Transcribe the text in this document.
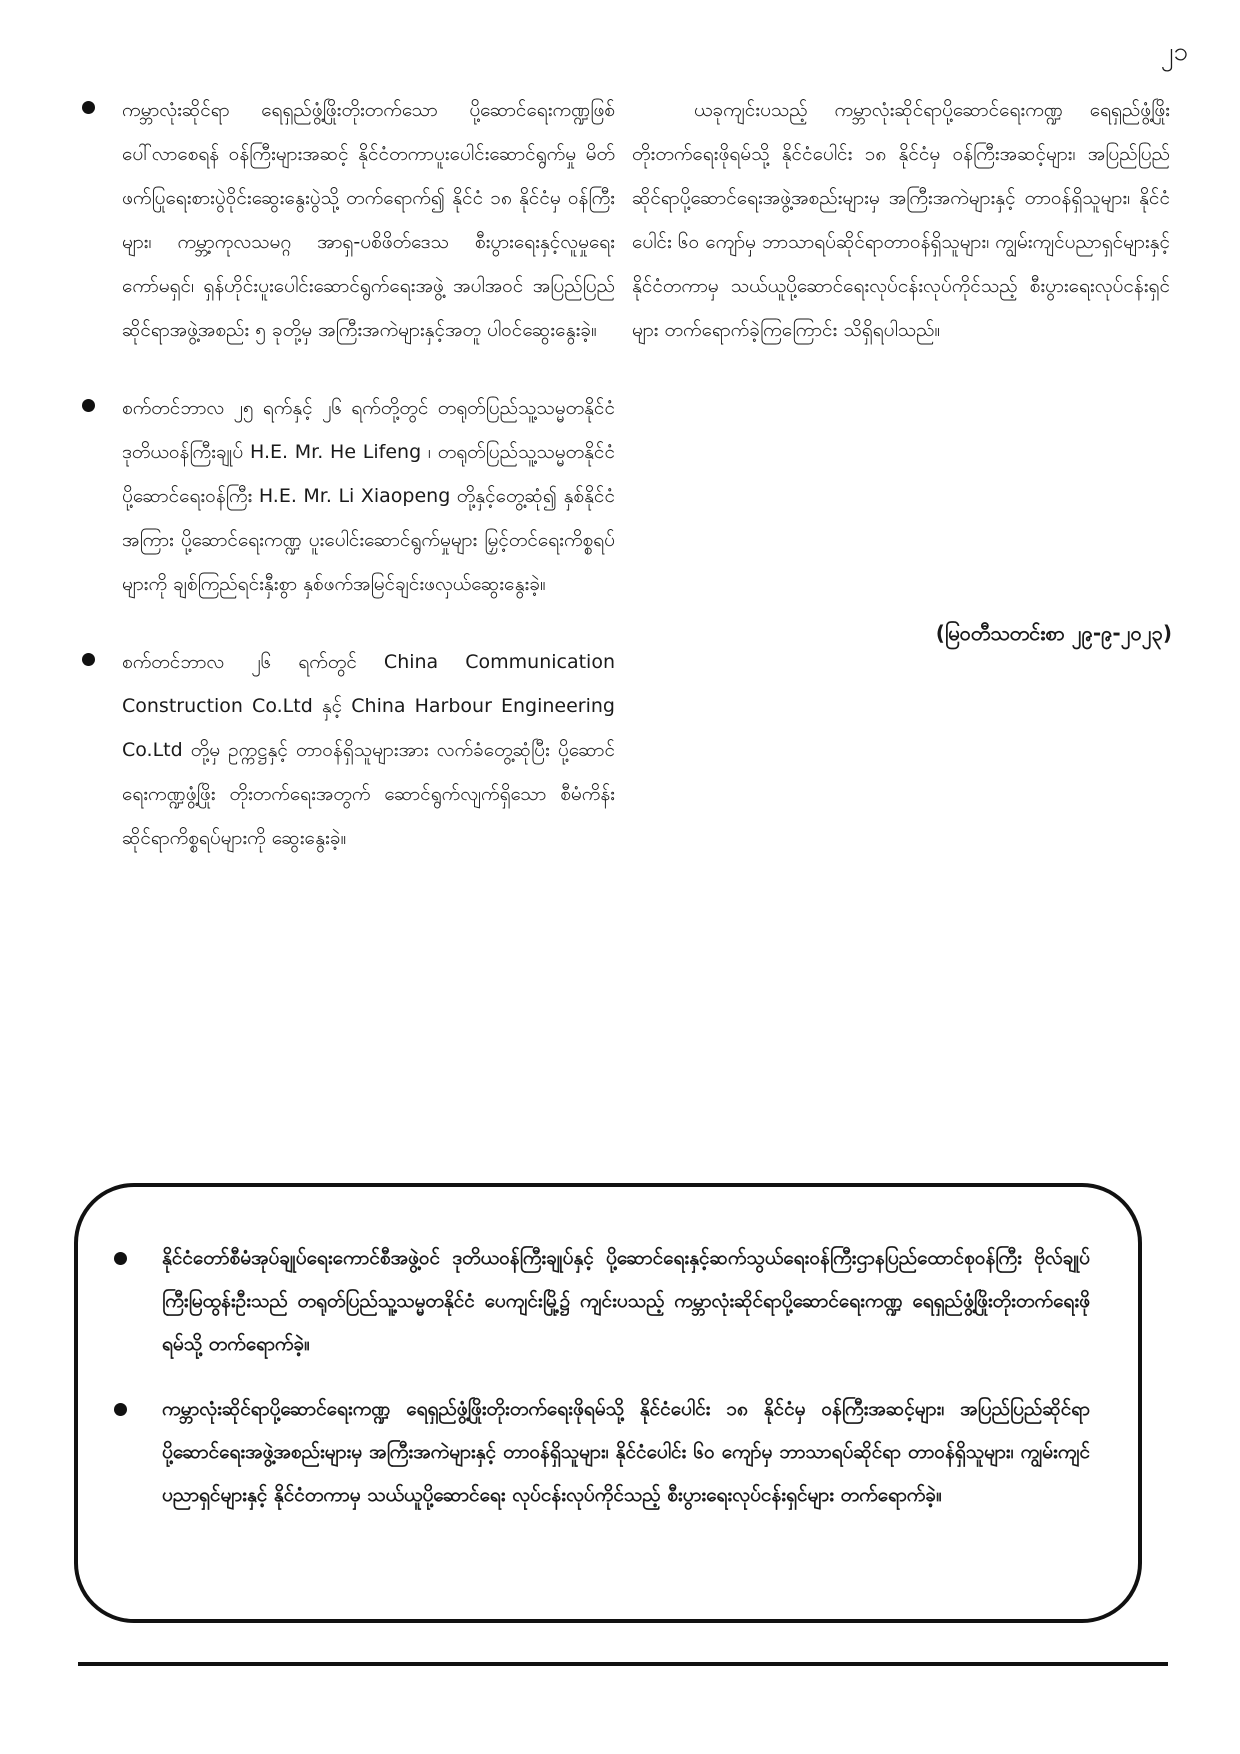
၂၁
ကမ္ဘာလုံးဆိုင်ရာ ရေရှည်ဖွံ့ဖြိုးတိုးတက်သော ပို့ဆောင်ရေးကဏ္ဍဖြစ်ပေါ်လာစေရန် ဝန်ကြီးများအဆင့် နိုင်ငံတကာပူးပေါင်းဆောင်ရွက်မှု မိတ်ဖက်ပြုရေးစားပွဲဝိုင်းဆွေးနွေးပွဲသို့ တက်ရောက်၍ နိုင်ငံ ၁၈ နိုင်ငံမှ ဝန်ကြီးများ၊ ကမ္ဘာ့ကုလသမဂ္ဂ အာရှ-ပစိဖိတ်ဒေသ စီးပွားရေးနှင့်လူမှုရေးကော်မရှင်၊ ရှန်ဟိုင်းပူးပေါင်းဆောင်ရွက်ရေးအဖွဲ့ အပါအဝင် အပြည်ပြည်ဆိုင်ရာအဖွဲ့အစည်း ၅ ခုတို့မှ အကြီးအကဲများနှင့်အတူ ပါဝင်ဆွေးနွေးခဲ့။
စက်တင်ဘာလ ၂၅ ရက်နှင့် ၂၆ ရက်တို့တွင် တရုတ်ပြည်သူ့သမ္မတနိုင်ငံ ဒုတိယဝန်ကြီးချုပ် H.E. Mr. He Lifeng ၊ တရုတ်ပြည်သူ့သမ္မတနိုင်ငံ ပို့ဆောင်ရေးဝန်ကြီး H.E. Mr. Li Xiaopeng တို့နှင့်တွေ့ဆုံ၍ နှစ်နိုင်ငံအကြား ပို့ဆောင်ရေးကဏ္ဍ ပူးပေါင်းဆောင်ရွက်မှုများ မြှင့်တင်ရေးကိစ္စရပ်များကို ချစ်ကြည်ရင်းနှီးစွာ နှစ်ဖက်အမြင်ချင်းဖလှယ်ဆွေးနွေးခဲ့။
စက်တင်ဘာလ ၂၆ ရက်တွင် China Communication Construction Co.Ltd နှင့် China Harbour Engineering Co.Ltd တို့မှ ဥက္ကဋ္ဌနှင့် တာဝန်ရှိသူများအား လက်ခံတွေ့ဆုံပြီး ပို့ဆောင်ရေးကဏ္ဍဖွံ့ဖြိုး တိုးတက်ရေးအတွက် ဆောင်ရွက်လျက်ရှိသော စီမံကိန်းဆိုင်ရာကိစ္စရပ်များကို ဆွေးနွေးခဲ့။

ယခုကျင်းပသည့် ကမ္ဘာလုံးဆိုင်ရာပို့ဆောင်ရေးကဏ္ဍ ရေရှည်ဖွံ့ဖြိုးတိုးတက်ရေးဖိုရမ်သို့ နိုင်ငံပေါင်း ၁၈ နိုင်ငံမှ ဝန်ကြီးအဆင့်များ၊ အပြည်ပြည်ဆိုင်ရာပို့ဆောင်ရေးအဖွဲ့အစည်းများမှ အကြီးအကဲများနှင့် တာဝန်ရှိသူများ၊ နိုင်ငံပေါင်း ၆၀ ကျော်မှ ဘာသာရပ်ဆိုင်ရာတာဝန်ရှိသူများ၊ ကျွမ်းကျင်ပညာရှင်များနှင့် နိုင်ငံတကာမှ သယ်ယူပို့ဆောင်ရေးလုပ်ငန်းလုပ်ကိုင်သည့် စီးပွားရေးလုပ်ငန်းရှင်များ တက်ရောက်ခဲ့ကြကြောင်း သိရှိရပါသည်။

(မြဝတီသတင်းစာ ၂၉-၉-၂၀၂၃)
နိုင်ငံတော်စီမံအုပ်ချုပ်ရေးကောင်စီအဖွဲ့ဝင် ဒုတိယဝန်ကြီးချုပ်နှင့် ပို့ဆောင်ရေးနှင့်ဆက်သွယ်ရေးဝန်ကြီးဌာနပြည်ထောင်စုဝန်ကြီး ဗိုလ်ချုပ်ကြီးမြထွန်းဦးသည် တရုတ်ပြည်သူ့သမ္မတနိုင်ငံ ပေကျင်းမြို့၌ ကျင်းပသည့် ကမ္ဘာလုံးဆိုင်ရာပို့ဆောင်ရေးကဏ္ဍ ရေရှည်ဖွံ့ဖြိုးတိုးတက်ရေးဖိုရမ်သို့ တက်ရောက်ခဲ့။
ကမ္ဘာလုံးဆိုင်ရာပို့ဆောင်ရေးကဏ္ဍ ရေရှည်ဖွံ့ဖြိုးတိုးတက်ရေးဖိုရမ်သို့ နိုင်ငံပေါင်း ၁၈ နိုင်ငံမှ ဝန်ကြီးအဆင့်များ၊ အပြည်ပြည်ဆိုင်ရာပို့ဆောင်ရေးအဖွဲ့အစည်းများမှ အကြီးအကဲများနှင့် တာဝန်ရှိသူများ၊ နိုင်ငံပေါင်း ၆၀ ကျော်မှ ဘာသာရပ်ဆိုင်ရာ တာဝန်ရှိသူများ၊ ကျွမ်းကျင်ပညာရှင်များနှင့် နိုင်ငံတကာမှ သယ်ယူပို့ဆောင်ရေး လုပ်ငန်းလုပ်ကိုင်သည့် စီးပွားရေးလုပ်ငန်းရှင်များ တက်ရောက်ခဲ့။
